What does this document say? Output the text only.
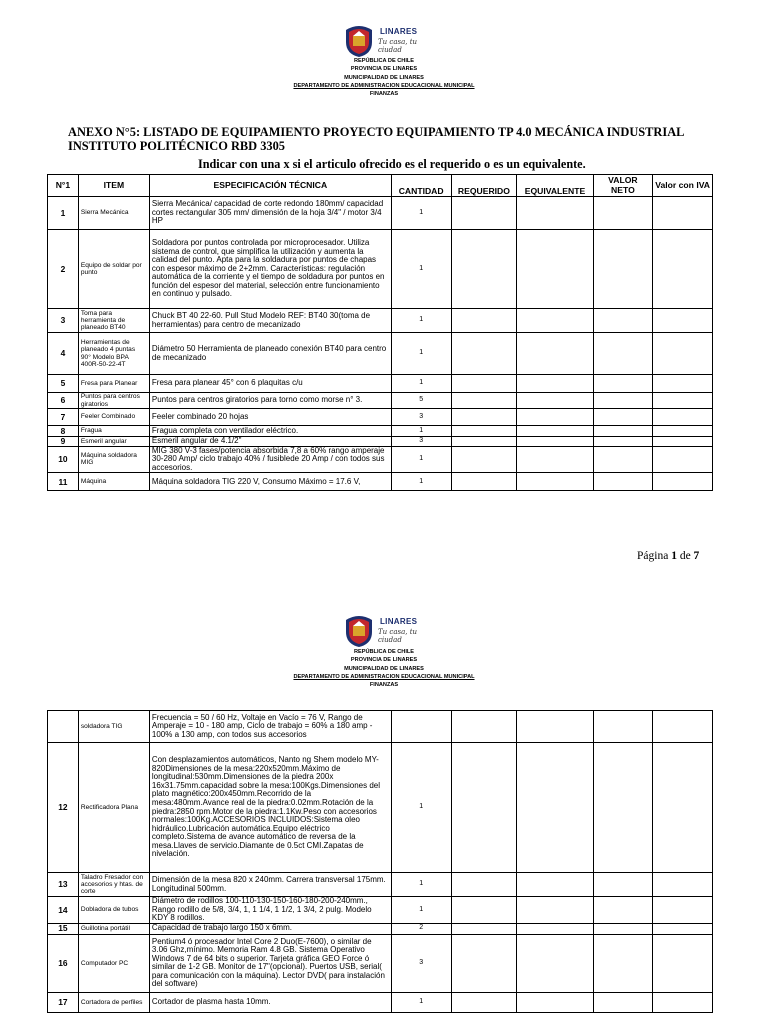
LINARES
Tu casa, tu ciudad
REPÚBLICA DE CHILE
PROVINCIA DE LINARES
MUNICIPALIDAD DE LINARES
DEPARTAMENTO DE ADMINISTRACION EDUCACIONAL MUNICIPAL
FINANZAS
ANEXO N°5: LISTADO DE EQUIPAMIENTO PROYECTO EQUIPAMIENTO TP 4.0 MECÁNICA INDUSTRIAL
INSTITUTO POLITÉCNICO RBD 3305
Indicar con una x si el articulo ofrecido es el requerido o es un equivalente.
N°1	ITEM	ESPECIFICACIÓN TÉCNICA	CANTIDAD	REQUERIDO	EQUIVALENTE	VALOR NETO	Valor con IVA
1	Sierra Mecánica	Sierra Mecánica/ capacidad de corte redondo 180mm/ capacidad cortes rectangular 305 mm/ dimensión de la hoja 3/4" / motor 3/4 HP	1				
2	Equipo de soldar por punto	Soldadora por puntos controlada por microprocesador. Utiliza sistema de control, que simplifica la utilización y aumenta la calidad del punto. Apta para la soldadura por puntos de chapas con espesor máximo de 2+2mm. Características: regulación automática de la corriente y el tiempo de soldadura por puntos en función del espesor del material, selección entre funcionamiento en continuo y pulsado.	1				
3	Toma para herramienta de planeado BT40	Chuck BT 40 22-60. Pull Stud Modelo REF: BT40 30(toma de herramientas) para centro de mecanizado	1				
4	Herramientas de planeado 4 puntas 90° Modelo BPA 400R-50-22-4T	Diámetro 50 Herramienta de planeado conexión BT40 para centro de mecanizado	1				
5	Fresa para Planear	Fresa para planear 45° con 6 plaquitas c/u	1				
6	Puntos para centros giratorios	Puntos para centros giratorios para torno como morse n° 3.	5				
7	Feeler Combinado	Feeler combinado 20 hojas	3				
8	Fragua	Fragua completa con ventilador eléctrico.	1				
9	Esmeril angular	Esmeril angular de 4.1/2"	3				
10	Máquina soldadora MIG	MIG 380 V-3 fases/potencia absorbida 7,8 a 60% rango amperaje 30-280 Amp/ ciclo trabajo 40% / fusiblede 20 Amp / con todos sus accesorios.	1				
11	Máquina	Máquina soldadora TIG 220 V, Consumo Máximo = 17.6 V,	1				
Página 1 de 7
LINARES
Tu casa, tu ciudad
REPÚBLICA DE CHILE
PROVINCIA DE LINARES
MUNICIPALIDAD DE LINARES
DEPARTAMENTO DE ADMINISTRACION EDUCACIONAL MUNICIPAL
FINANZAS
	soldadora TIG	Frecuencia = 50 / 60 Hz, Voltaje en Vacío = 76 V, Rango de Amperaje = 10 - 180 amp, Ciclo de trabajo = 60% a 180 amp - 100% a 130 amp, con todos sus accesorios					
12	Rectificadora Plana	Con desplazamientos automáticos, Nanto ng Shem modelo MY-820Dimensiones de la mesa:220x520mm.Máximo de longitudinal:530mm.Dimensiones de la piedra 200x 16x31.75mm.capacidad sobre la mesa:100Kgs.Dimensiones del plato magnético:200x450mm.Recorrido de la mesa:480mm.Avance real de la piedra:0.02mm.Rotación de la piedra:2850 rpm.Motor de la piedra:1.1Kw.Peso con accesorios normales:100Kg.ACCESORIOS INCLUIDOS:Sistema oleo hidráulico.Lubricación automática.Equipo eléctrico completo.Sistema de avance automático de reversa de la mesa.Llaves de servicio.Diamante de 0.5ct CMI.Zapatas de nivelación.	1				
13	Taladro Fresador con accesorios y htas. de corte	Dimensión de la mesa 820 x 240mm. Carrera transversal 175mm. Longitudinal 500mm.	1				
14	Dobladora de tubos	Diámetro de rodillos 100-110-130-150-160-180-200-240mm., Rango rodillo de 5/8, 3/4, 1, 1 1/4, 1 1/2, 1 3/4, 2 pulg. Modelo KDY 8 rodillos.	1				
15	Guillotina portátil	Capacidad de trabajo largo 150 x 6mm.	2				
16	Computador PC	Pentium4 ó procesador Intel Core 2 Duo(E-7600), o similar de 3.06 Ghz,mínimo. Memoria Ram 4.8 GB. Sistema Operativo Windows 7 de 64 bits o superior. Tarjeta gráfica GEO Force ó similar de 1-2 GB. Monitor de 17"(opcional). Puertos USB, serial( para comunicación con la máquina). Lector DVD( para instalación del software)	3				
17	Cortadora de perfiles	Cortador de plasma hasta 10mm.	1				
